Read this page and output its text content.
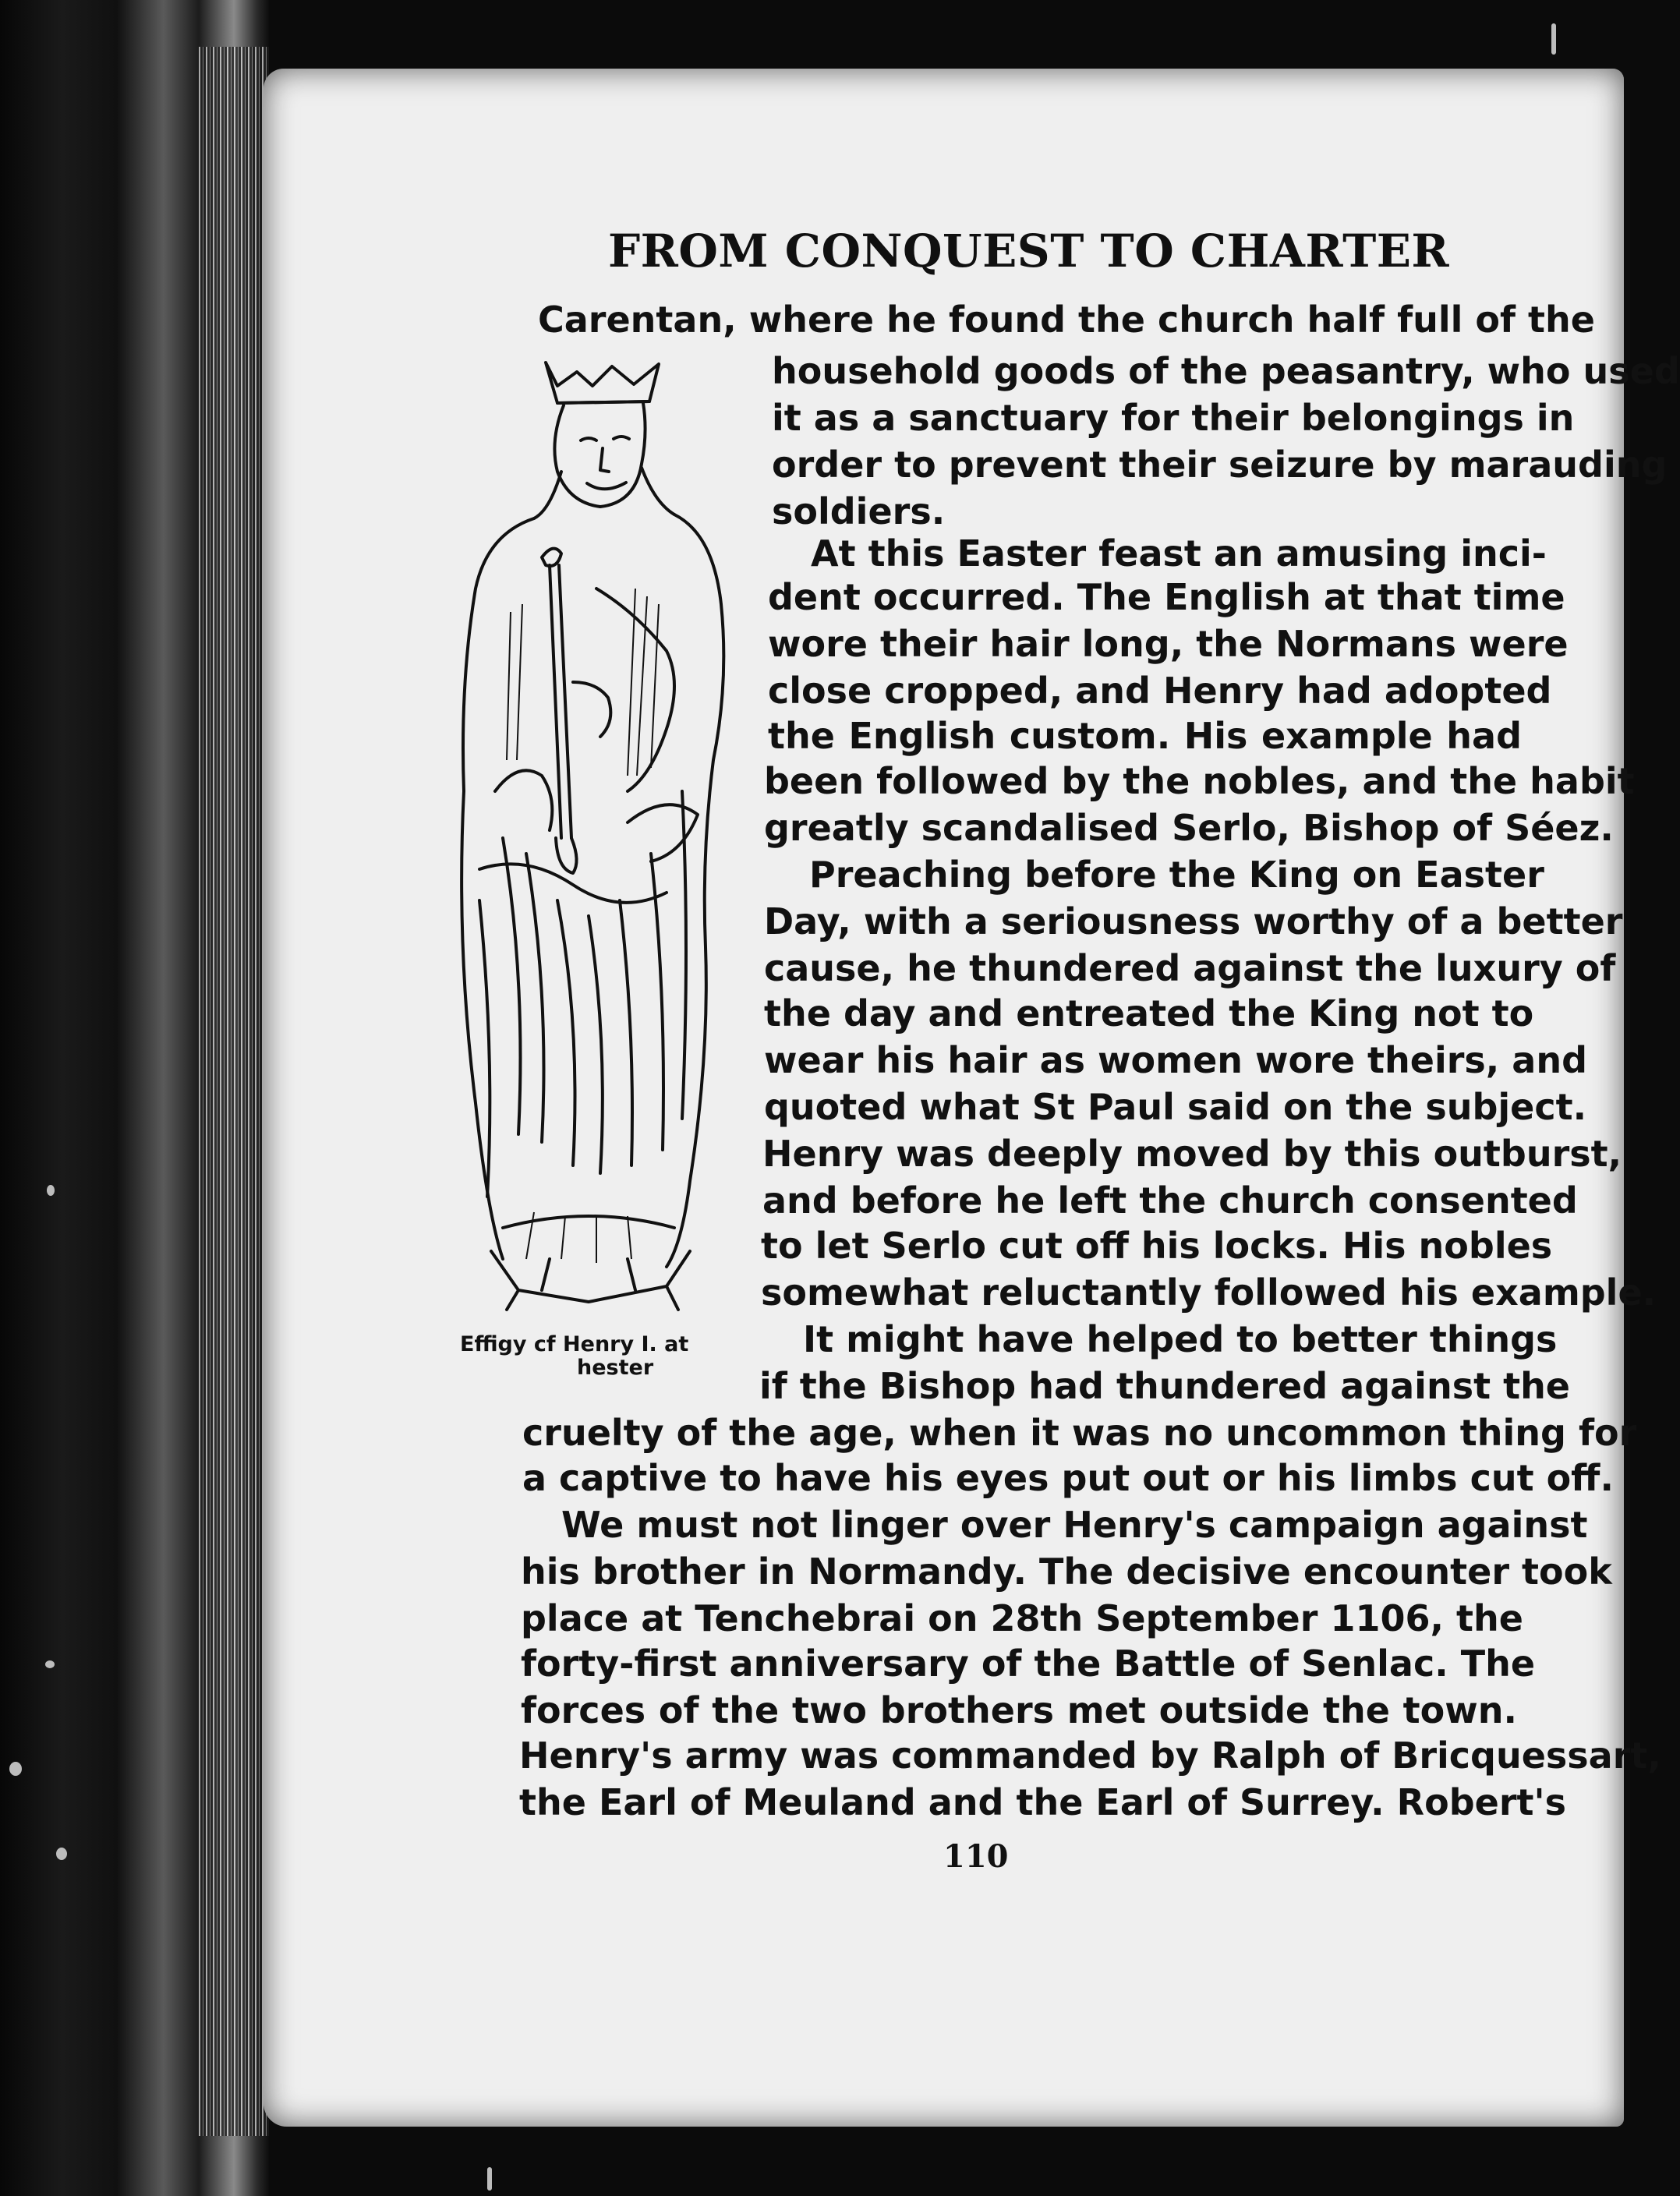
FROM CONQUEST TO CHARTER
Carentan, where he found the church half full of the
household goods of the peasantry, who used
it as a sanctuary for their belongings in
order to prevent their seizure by marauding
soldiers.
At this Easter feast an amusing inci-
dent occurred. The English at that time
wore their hair long, the Normans were
close cropped, and Henry had adopted
the English custom. His example had
been followed by the nobles, and the habit
greatly scandalised Serlo, Bishop of Séez.
Preaching before the King on Easter
Day, with a seriousness worthy of a better
cause, he thundered against the luxury of
the day and entreated the King not to
wear his hair as women wore theirs, and
quoted what St Paul said on the subject.
Henry was deeply moved by this outburst,
and before he left the church consented
to let Serlo cut off his locks. His nobles
somewhat reluctantly followed his example.
It might have helped to better things
if the Bishop had thundered against the
cruelty of the age, when it was no uncommon thing for
a captive to have his eyes put out or his limbs cut off.
We must not linger over Henry's campaign against
his brother in Normandy. The decisive encounter took
place at Tenchebrai on 28th September 1106, the
forty-first anniversary of the Battle of Senlac. The
forces of the two brothers met outside the town.
Henry's army was commanded by Ralph of Bricquessart,
the Earl of Meuland and the Earl of Surrey. Robert's
Effigy cf Henry I. at
hester
110
